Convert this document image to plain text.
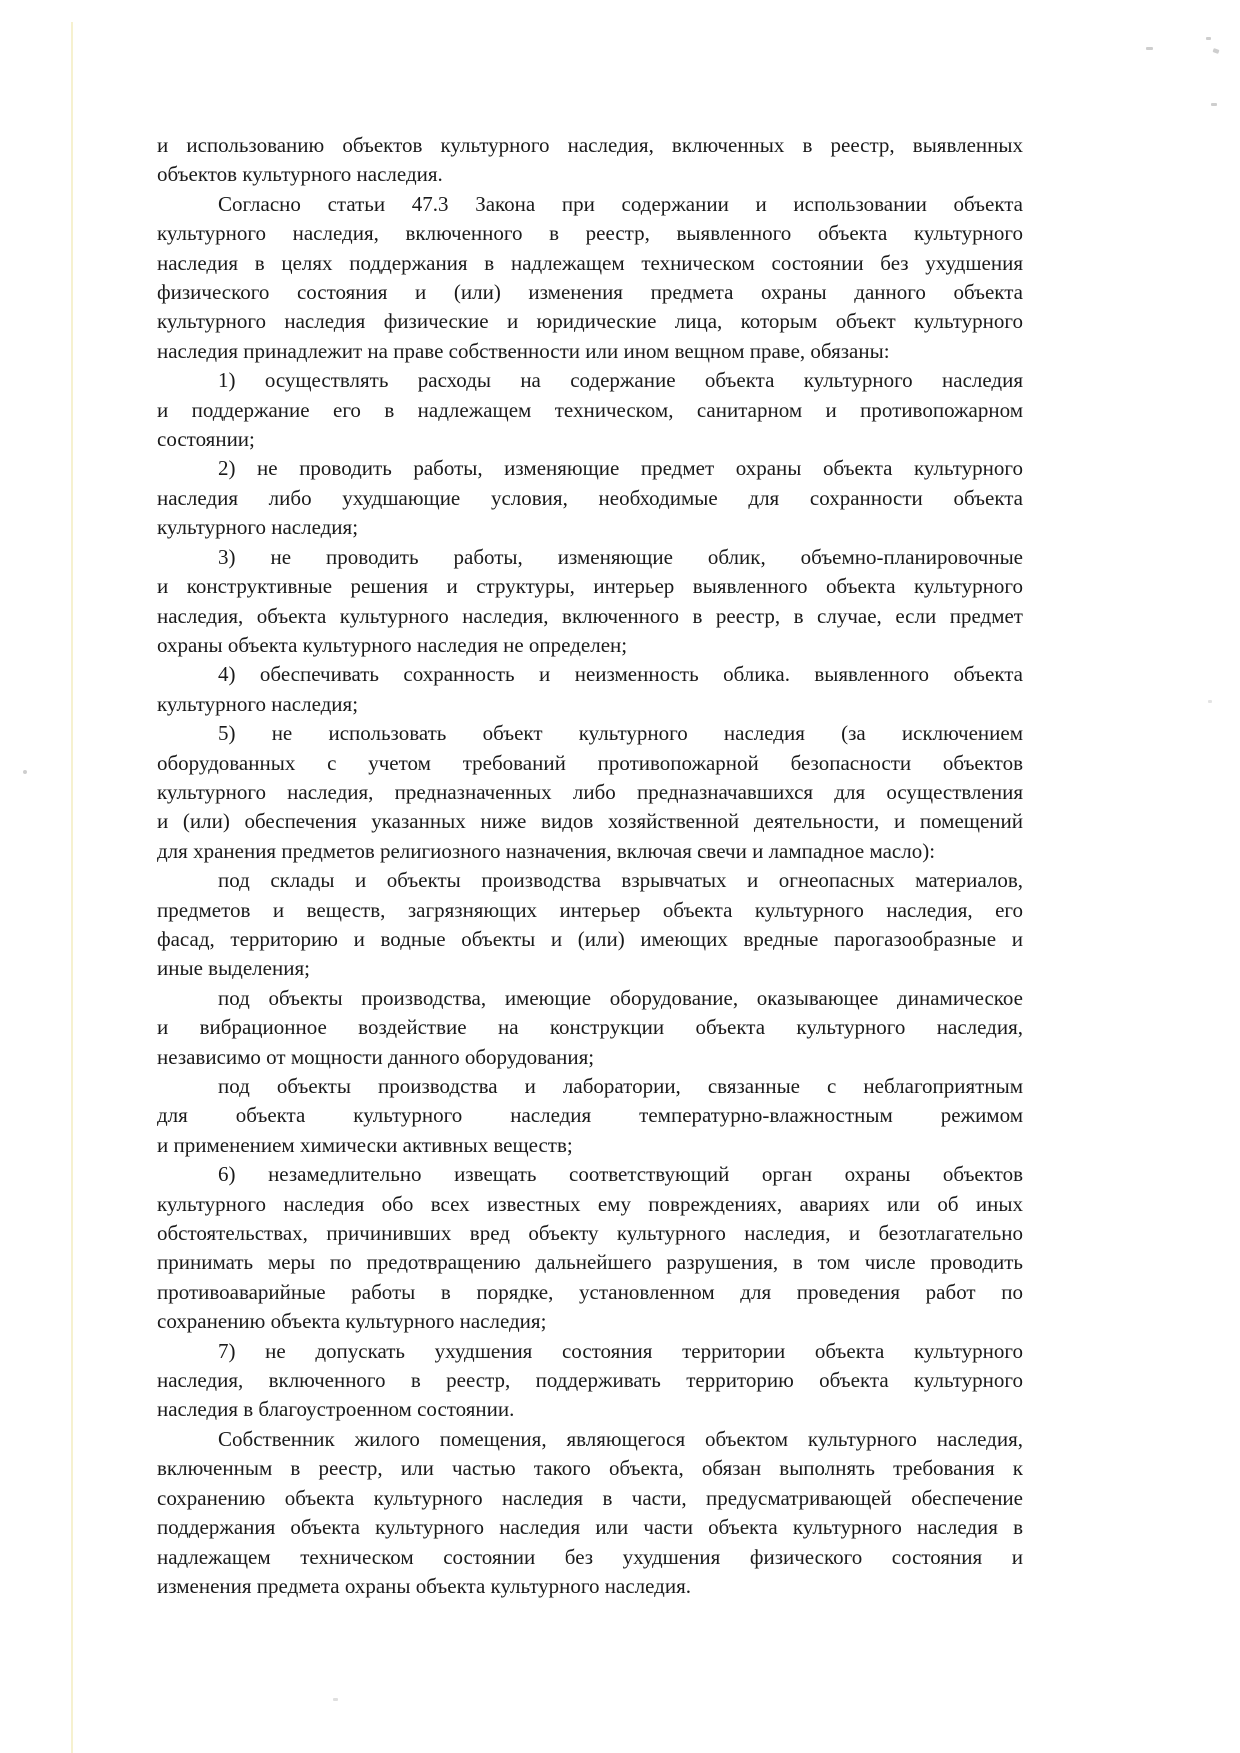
и использованию объектов культурного наследия, включенных в реестр, выявленных
объектов культурного наследия.

Согласно статьи 47.3 Закона при содержании и использовании объекта
культурного наследия, включенного в реестр, выявленного объекта культурного
наследия в целях поддержания в надлежащем техническом состоянии без ухудшения
физического состояния и (или) изменения предмета охраны данного объекта
культурного наследия физические и юридические лица, которым объект культурного
наследия принадлежит на праве собственности или ином вещном праве, обязаны:

1) осуществлять расходы на содержание объекта культурного наследия
и поддержание его в надлежащем техническом, санитарном и противопожарном
состоянии;

2) не проводить работы, изменяющие предмет охраны объекта культурного
наследия либо ухудшающие условия, необходимые для сохранности объекта
культурного наследия;

3) не проводить работы, изменяющие облик, объемно-планировочные
и конструктивные решения и структуры, интерьер выявленного объекта культурного
наследия, объекта культурного наследия, включенного в реестр, в случае, если предмет
охраны объекта культурного наследия не определен;

4) обеспечивать сохранность и неизменность облика. выявленного объекта
культурного наследия;

5) не использовать объект культурного наследия (за исключением
оборудованных с учетом требований противопожарной безопасности объектов
культурного наследия, предназначенных либо предназначавшихся для осуществления
и (или) обеспечения указанных ниже видов хозяйственной деятельности, и помещений
для хранения предметов религиозного назначения, включая свечи и лампадное масло):

под склады и объекты производства взрывчатых и огнеопасных материалов,
предметов и веществ, загрязняющих интерьер объекта культурного наследия, его
фасад, территорию и водные объекты и (или) имеющих вредные парогазообразные и
иные выделения;

под объекты производства, имеющие оборудование, оказывающее динамическое
и вибрационное воздействие на конструкции объекта культурного наследия,
независимо от мощности данного оборудования;

под объекты производства и лаборатории, связанные с неблагоприятным
для объекта культурного наследия температурно-влажностным режимом
и применением химически активных веществ;

6) незамедлительно извещать соответствующий орган охраны объектов
культурного наследия обо всех известных ему повреждениях, авариях или об иных
обстоятельствах, причинивших вред объекту культурного наследия, и безотлагательно
принимать меры по предотвращению дальнейшего разрушения, в том числе проводить
противоаварийные работы в порядке, установленном для проведения работ по
сохранению объекта культурного наследия;

7) не допускать ухудшения состояния территории объекта культурного
наследия, включенного в реестр, поддерживать территорию объекта культурного
наследия в благоустроенном состоянии.

Собственник жилого помещения, являющегося объектом культурного наследия,
включенным в реестр, или частью такого объекта, обязан выполнять требования к
сохранению объекта культурного наследия в части, предусматривающей обеспечение
поддержания объекта культурного наследия или части объекта культурного наследия в
надлежащем техническом состоянии без ухудшения физического состояния и
изменения предмета охраны объекта культурного наследия.
